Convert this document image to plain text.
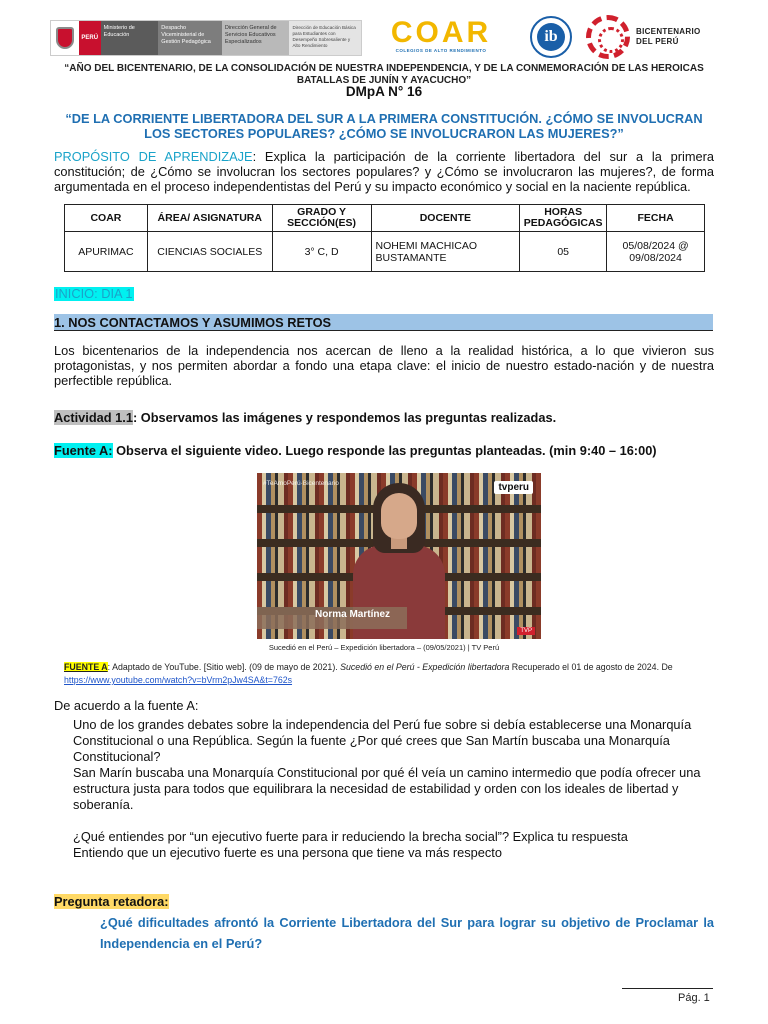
PERÚ
Ministerio de Educación
Despacho Viceministerial de Gestión Pedagógica
Dirección General de Servicios Educativos Especializados
Dirección de Educación Básica para Estudiantes con Desempeño Sobresaliente y Alto Rendimiento	COAR
COLEGIOS DE ALTO RENDIMIENTO
ib	BICENTENARIO
DEL PERÚ
“AÑO DEL BICENTENARIO, DE LA CONSOLIDACIÓN DE NUESTRA INDEPENDENCIA, Y DE LA CONMEMORACIÓN DE LAS HEROICAS BATALLAS DE JUNÍN Y AYACUCHO”
DMpA N° 16
“DE LA CORRIENTE LIBERTADORA DEL SUR A LA PRIMERA CONSTITUCIÓN. ¿CÓMO SE INVOLUCRAN LOS SECTORES POPULARES? ¿CÓMO SE INVOLUCRARON LAS MUJERES?”
PROPÓSITO DE APRENDIZAJE: Explica la participación de la corriente libertadora del sur a la primera constitución; de ¿Cómo se involucran los sectores populares? y ¿Cómo se involucraron las mujeres?, de forma argumentada en el proceso independentistas del Perú y su impacto económico y social en la naciente república.
COAR	ÁREA/ ASIGNATURA	GRADO Y SECCIÓN(ES)	DOCENTE	HORAS PEDAGÓGICAS	FECHA
APURIMAC	CIENCIAS SOCIALES	3° C, D	NOHEMI MACHICAO BUSTAMANTE	05	05/08/2024 @ 09/08/2024
INICIO: DIA 1
1. NOS CONTACTAMOS Y ASUMIMOS RETOS
Los bicentenarios de la independencia nos acercan de lleno a la realidad histórica, a lo que vivieron sus protagonistas, y nos permiten abordar a fondo una etapa clave: el inicio de nuestro estado-nación y de nuestra perfectible república.
Actividad 1.1: Observamos las imágenes y respondemos las preguntas realizadas.
Fuente A: Observa el siguiente video. Luego responde las preguntas planteadas. (min 9:40 – 16:00)
#TeAmoPerú·Bicentenario	tvperu
Norma Martínez
TVP
Sucedió en el Perú – Expedición libertadora – (09/05/2021) | TV Perú
FUENTE A: Adaptado de YouTube. [Sitio web]. (09 de mayo de 2021). Sucedió en el Perú - Expedición libertadora Recuperado el 01 de agosto de 2024. De https://www.youtube.com/watch?v=bVrm2pJw4SA&t=762s
De acuerdo a la fuente A:

Uno de los grandes debates sobre la independencia del Perú fue sobre si debía establecerse una Monarquía Constitucional o una República. Según la fuente ¿Por qué crees que San Martín buscaba una Monarquía Constitucional?

San Marín buscaba una Monarquía Constitucional por qué él veía un camino intermedio que podía ofrecer una estructura justa para todos que equilibrara la necesidad de estabilidad y orden con los ideales de libertad y soberanía.

¿Qué entiendes por “un ejecutivo fuerte para ir reduciendo la brecha social”? Explica tu respuesta

Entiendo que un ejecutivo fuerte es una persona que tiene va más respecto

Pregunta retadora:
¿Qué dificultades afrontó la Corriente Libertadora del Sur para lograr su objetivo de Proclamar la Independencia en el Perú?
Pág. 1
